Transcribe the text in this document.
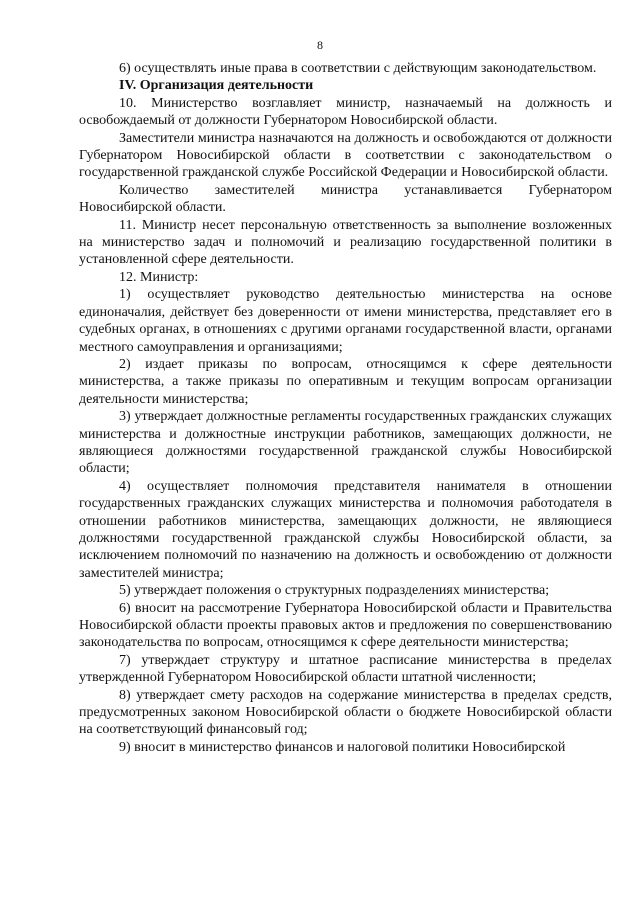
8

6) осуществлять иные права в соответствии с действующим законодательством.

IV. Организация деятельности

10. Министерство возглавляет министр, назначаемый на должность и освобождаемый от должности Губернатором Новосибирской области.

Заместители министра назначаются на должность и освобождаются от должности Губернатором Новосибирской области в соответствии с законодательством о государственной гражданской службе Российской Федерации и Новосибирской области.

Количество заместителей министра устанавливается Губернатором Новосибирской области.

11. Министр несет персональную ответственность за выполнение возложенных на министерство задач и полномочий и реализацию государственной политики в установленной сфере деятельности.

12. Министр:

1) осуществляет руководство деятельностью министерства на основе единоначалия, действует без доверенности от имени министерства, представляет его в судебных органах, в отношениях с другими органами государственной власти, органами местного самоуправления и организациями;

2) издает приказы по вопросам, относящимся к сфере деятельности министерства, а также приказы по оперативным и текущим вопросам организации деятельности министерства;

3) утверждает должностные регламенты государственных гражданских служащих министерства и должностные инструкции работников, замещающих должности, не являющиеся должностями государственной гражданской службы Новосибирской области;

4) осуществляет полномочия представителя нанимателя в отношении государственных гражданских служащих министерства и полномочия работодателя в отношении работников министерства, замещающих должности, не являющиеся должностями государственной гражданской службы Новосибирской области, за исключением полномочий по назначению на должность и освобождению от должности заместителей министра;

5) утверждает положения о структурных подразделениях министерства;

6) вносит на рассмотрение Губернатора Новосибирской области и Правительства Новосибирской области проекты правовых актов и предложения по совершенствованию законодательства по вопросам, относящимся к сфере деятельности министерства;

7) утверждает структуру и штатное расписание министерства в пределах утвержденной Губернатором Новосибирской области штатной численности;

8) утверждает смету расходов на содержание министерства в пределах средств, предусмотренных законом Новосибирской области о бюджете Новосибирской области на соответствующий финансовый год;

9) вносит в министерство финансов и налоговой политики Новосибирской
